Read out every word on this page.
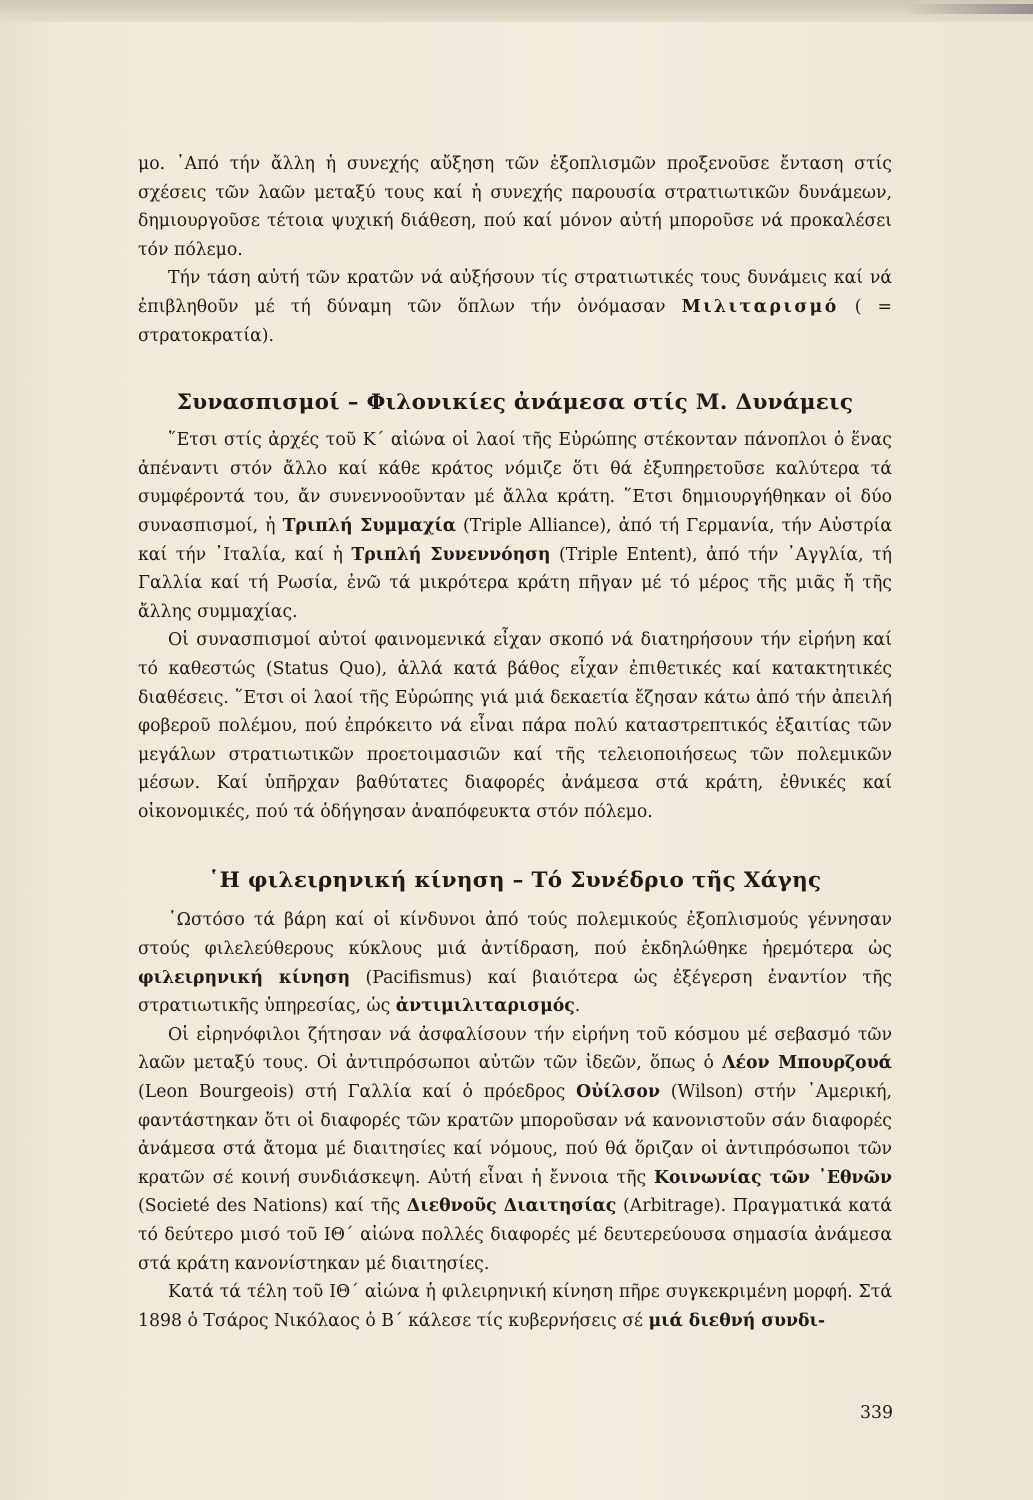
μο. ᾿Από τήν ἄλλη ἡ συνεχής αὔξηση τῶν ἐξοπλισμῶν προξενοῦσε ἔνταση στίς σχέσεις τῶν λαῶν μεταξύ τους καί ἡ συνεχής παρουσία στρατιωτικῶν δυνάμεων, δημιουργοῦσε τέτοια ψυχική διάθεση, πού καί μόνον αὐτή μποροῦσε νά προκαλέσει τόν πόλεμο.

Τήν τάση αὐτή τῶν κρατῶν νά αὐξήσουν τίς στρατιωτικές τους δυνάμεις καί νά ἐπιβληθοῦν μέ τή δύναμη τῶν ὅπλων τήν ὀνόμασαν Μιλιταρισμό ( = στρατοκρατία).

Συνασπισμοί – Φιλονικίες ἀνάμεσα στίς Μ. Δυνάμεις

῞Ετσι στίς ἀρχές τοῦ Κ΄ αἰώνα οἱ λαοί τῆς Εὐρώπης στέκονταν πάνοπλοι ὁ ἕνας ἀπέναντι στόν ἄλλο καί κάθε κράτος νόμιζε ὅτι θά ἐξυπηρετοῦσε καλύτερα τά συμφέροντά του, ἄν συνεννοοῦνταν μέ ἄλλα κράτη. ῞Ετσι δημιουργήθηκαν οἱ δύο συνασπισμοί, ἡ Τριπλή Συμμαχία (Triple Alliance), ἀπό τή Γερμανία, τήν Αὐστρία καί τήν ᾿Ιταλία, καί ἡ Τριπλή Συνεννόηση (Triple Entent), ἀπό τήν ᾿Αγγλία, τή Γαλλία καί τή Ρωσία, ἐνῶ τά μικρότερα κράτη πῆγαν μέ τό μέρος τῆς μιᾶς ἤ τῆς ἄλλης συμμαχίας.

Οἱ συνασπισμοί αὐτοί φαινομενικά εἶχαν σκοπό νά διατηρήσουν τήν εἰρήνη καί τό καθεστώς (Status Quo), ἀλλά κατά βάθος εἶχαν ἐπιθετικές καί κατακτητικές διαθέσεις. ῞Ετσι οἱ λαοί τῆς Εὐρώπης γιά μιά δεκαετία ἔζησαν κάτω ἀπό τήν ἀπειλή φοβεροῦ πολέμου, πού ἐπρόκειτο νά εἶναι πάρα πολύ καταστρεπτικός ἐξαιτίας τῶν μεγάλων στρατιωτικῶν προετοιμασιῶν καί τῆς τελειοποιήσεως τῶν πολεμικῶν μέσων. Καί ὑπῆρχαν βαθύτατες διαφορές ἀνάμεσα στά κράτη, ἐθνικές καί οἰκονομικές, πού τά ὁδήγησαν ἀναπόφευκτα στόν πόλεμο.

῾Η φιλειρηνική κίνηση – Τό Συνέδριο τῆς Χάγης

῾Ωστόσο τά βάρη καί οἱ κίνδυνοι ἀπό τούς πολεμικούς ἐξοπλισμούς γέννησαν στούς φιλελεύθερους κύκλους μιά ἀντίδραση, πού ἐκδηλώθηκε ἠρεμότερα ὡς φιλειρηνική κίνηση (Pacifismus) καί βιαιότερα ὡς ἐξέγερση ἐναντίον τῆς στρατιωτικῆς ὑπηρεσίας, ὡς ἀντιμιλιταρισμός.

Οἱ εἰρηνόφιλοι ζήτησαν νά ἀσφαλίσουν τήν εἰρήνη τοῦ κόσμου μέ σεβασμό τῶν λαῶν μεταξύ τους. Οἱ ἀντιπρόσωποι αὐτῶν τῶν ἰδεῶν, ὅπως ὁ Λέον Μπουρζουά (Leon Bourgeois) στή Γαλλία καί ὁ πρόεδρος Οὐίλσον (Wilson) στήν ᾿Αμερική, φαντάστηκαν ὅτι οἱ διαφορές τῶν κρατῶν μποροῦσαν νά κανονιστοῦν σάν διαφορές ἀνάμεσα στά ἄτομα μέ διαιτησίες καί νόμους, πού θά ὅριζαν οἱ ἀντιπρόσωποι τῶν κρατῶν σέ κοινή συνδιάσκεψη. Αὐτή εἶναι ἡ ἔννοια τῆς Κοινωνίας τῶν ᾿Εθνῶν (Societé des Nations) καί τῆς Διεθνοῦς Διαιτησίας (Arbitrage). Πραγματικά κατά τό δεύτερο μισό τοῦ ΙΘ΄ αἰώνα πολλές διαφορές μέ δευτερεύουσα σημασία ἀνάμεσα στά κράτη κανονίστηκαν μέ διαιτησίες.

Κατά τά τέλη τοῦ ΙΘ΄ αἰώνα ἡ φιλειρηνική κίνηση πῆρε συγκεκριμένη μορφή. Στά 1898 ὁ Τσάρος Νικόλαος ὁ Β΄ κάλεσε τίς κυβερνήσεις σέ μιά διεθνή συνδι-

339
